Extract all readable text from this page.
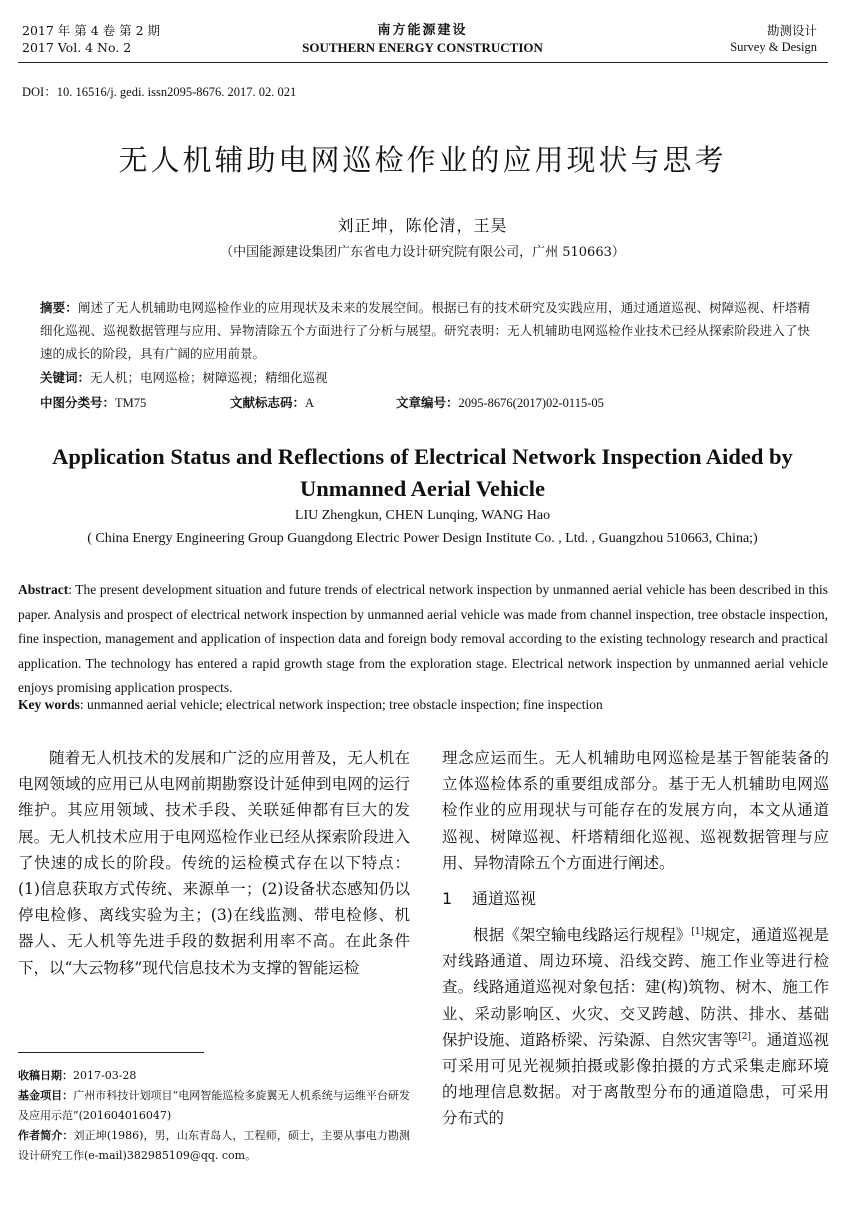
2017 年 第 4 卷 第 2 期
2017 Vol. 4 No. 2
南方能源建设
SOUTHERN ENERGY CONSTRUCTION
勘测设计
Survey & Design
DOI：10. 16516/j. gedi. issn2095-8676. 2017. 02. 021
无人机辅助电网巡检作业的应用现状与思考
刘正坤，陈伦清，王昊
（中国能源建设集团广东省电力设计研究院有限公司，广州 510663）
摘要：阐述了无人机辅助电网巡检作业的应用现状及未来的发展空间。根据已有的技术研究及实践应用，通过通道巡视、树障巡视、杆塔精细化巡视、巡视数据管理与应用、异物清除五个方面进行了分析与展望。研究表明：无人机辅助电网巡检作业技术已经从探索阶段进入了快速的成长的阶段，具有广阔的应用前景。
关键词：无人机；电网巡检；树障巡视；精细化巡视
中图分类号：TM75	文献标志码：A	文章编号：2095-8676(2017)02-0115-05
Application Status and Reflections of Electrical Network Inspection Aided by Unmanned Aerial Vehicle
LIU Zhengkun, CHEN Lunqing, WANG Hao
( China Energy Engineering Group Guangdong Electric Power Design Institute Co. , Ltd. , Guangzhou 510663, China;)
Abstract: The present development situation and future trends of electrical network inspection by unmanned aerial vehicle has been described in this paper. Analysis and prospect of electrical network inspection by unmanned aerial vehicle was made from channel inspection, tree obstacle inspection, fine inspection, management and application of inspection data and foreign body removal according to the existing technology research and practical application. The technology has entered a rapid growth stage from the exploration stage. Electrical network inspection by unmanned aerial vehicle enjoys promising application prospects.
Key words: unmanned aerial vehicle; electrical network inspection; tree obstacle inspection; fine inspection

随着无人机技术的发展和广泛的应用普及，无人机在电网领域的应用已从电网前期勘察设计延伸到电网的运行维护。其应用领域、技术手段、关联延伸都有巨大的发展。无人机技术应用于电网巡检作业已经从探索阶段进入了快速的成长的阶段。传统的运检模式存在以下特点：(1)信息获取方式传统、来源单一；(2)设备状态感知仍以停电检修、离线实验为主；(3)在线监测、带电检修、机器人、无人机等先进手段的数据利用率不高。在此条件下，以“大云物移”现代信息技术为支撑的智能运检

理念应运而生。无人机辅助电网巡检是基于智能装备的立体巡检体系的重要组成部分。基于无人机辅助电网巡检作业的应用现状与可能存在的发展方向，本文从通道巡视、树障巡视、杆塔精细化巡视、巡视数据管理与应用、异物清除五个方面进行阐述。

1 通道巡视

根据《架空输电线路运行规程》[1]规定，通道巡视是对线路通道、周边环境、沿线交跨、施工作业等进行检查。线路通道巡视对象包括：建(构)筑物、树木、施工作业、采动影响区、火灾、交叉跨越、防洪、排水、基础保护设施、道路桥梁、污染源、自然灾害等[2]。通道巡视可采用可见光视频拍摄或影像拍摄的方式采集走廊环境的地理信息数据。对于离散型分布的通道隐患，可采用分布式的

收稿日期：2017-03-28
基金项目：广州市科技计划项目“电网智能巡检多旋翼无人机系统与运维平台研发及应用示范”(201604016047)
作者简介：刘正坤(1986)，男，山东青岛人，工程师，硕士，主要从事电力勘测设计研究工作(e-mail)382985109@qq. com。
